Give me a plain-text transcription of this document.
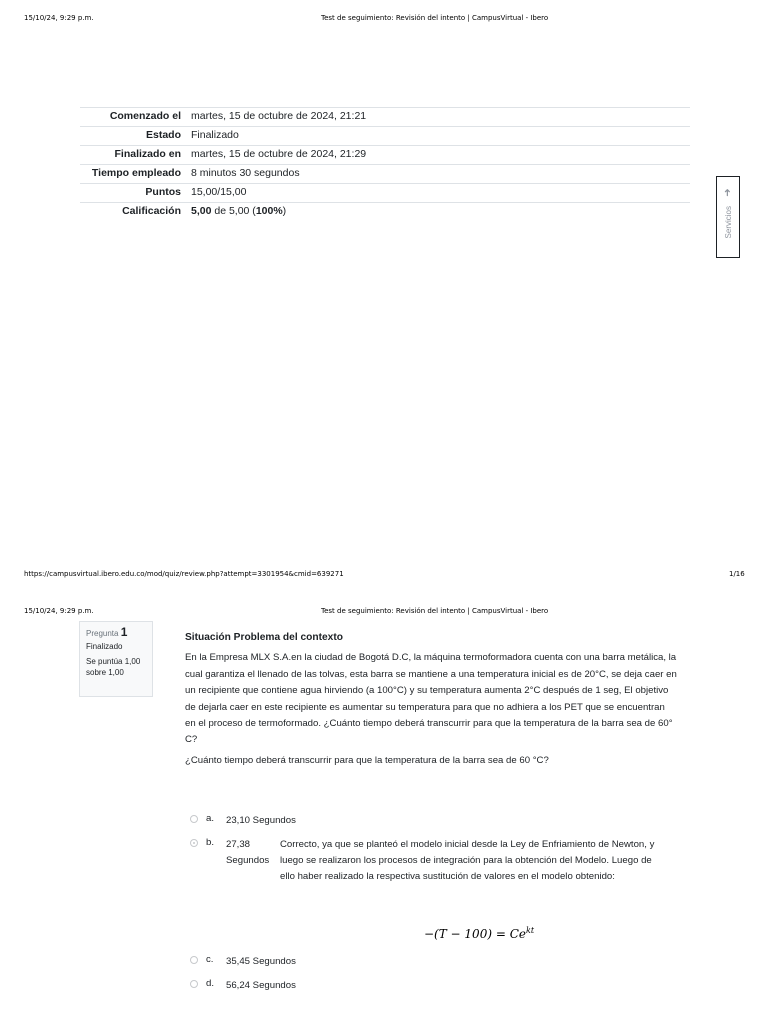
15/10/24, 9:29 p.m.	Test de seguimiento: Revisión del intento | CampusVirtual - Ibero
Comenzado el	martes, 15 de octubre de 2024, 21:21
Estado	Finalizado
Finalizado en	martes, 15 de octubre de 2024, 21:29
Tiempo empleado	8 minutos 30 segundos
Puntos	15,00/15,00
Calificación	5,00 de 5,00 (100%)
➜
Servicios
https://campusvirtual.ibero.edu.co/mod/quiz/review.php?attempt=3301954&cmid=639271	1/16
15/10/24, 9:29 p.m.	Test de seguimiento: Revisión del intento | CampusVirtual - Ibero
Pregunta 1
Finalizado
Se puntúa 1,00 sobre 1,00
Situación Problema del contexto

En la Empresa MLX S.A.en la ciudad de Bogotá D.C, la máquina termoformadora cuenta con una barra metálica, la cual garantiza el llenado de las tolvas, esta barra se mantiene a una temperatura inicial es de 20°C, se deja caer en un recipiente que contiene agua hirviendo (a 100°C) y su temperatura aumenta 2°C después de 1 seg, El objetivo de dejarla caer en este recipiente es aumentar su temperatura para que no adhiera a los PET que se encuentran en el proceso de termoformado. ¿Cuánto tiempo deberá transcurrir para que la temperatura de la barra sea de 60° C?

¿Cuánto tiempo deberá transcurrir para que la temperatura de la barra sea de 60 °C?

a.	23,10 Segundos
b.	27,38 Segundos
Correcto, ya que se planteó el modelo inicial desde la Ley de Enfriamiento de Newton, y luego se realizaron los procesos de integración para la obtención del Modelo. Luego de ello haber realizado la respectiva sustitución de valores en el modelo obtenido:
$-(T - 100) = Ce^{kt}$
c.	35,45 Segundos
d.	56,24 Segundos
